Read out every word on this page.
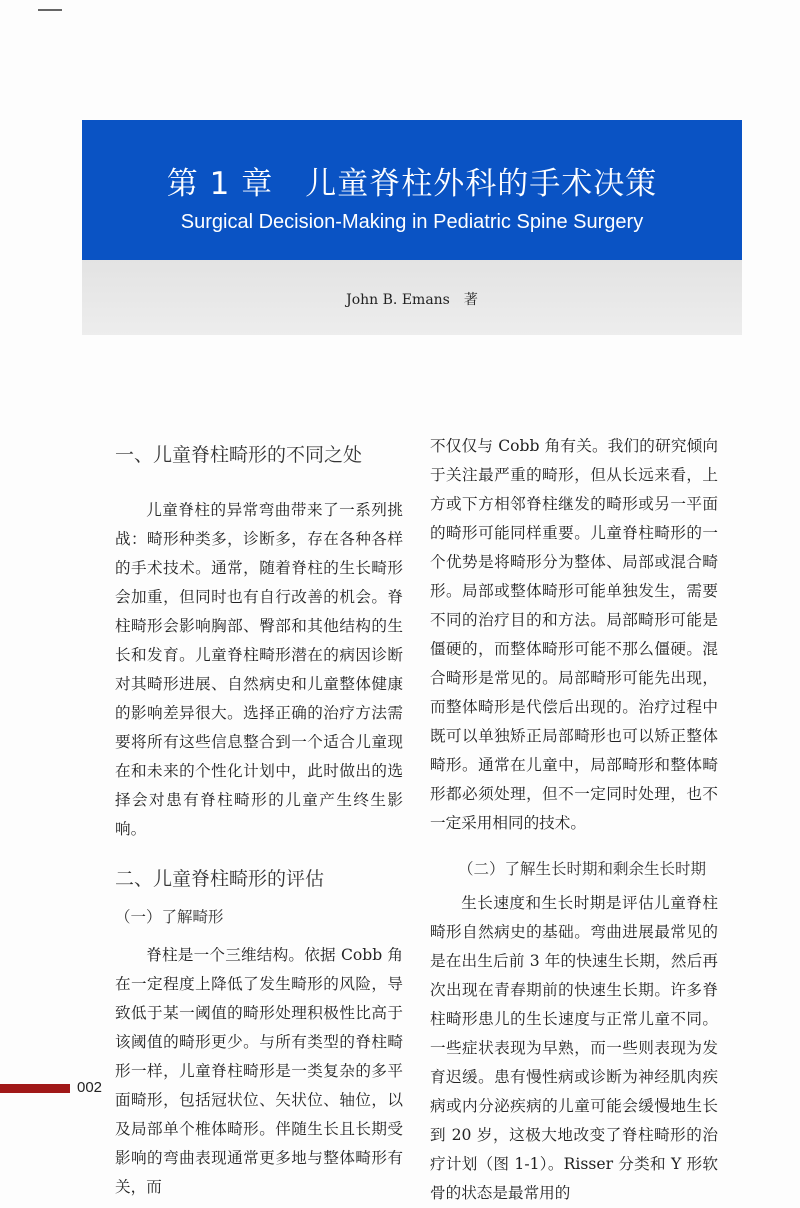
第 1 章　儿童脊柱外科的手术决策
Surgical Decision-Making in Pediatric Spine Surgery
John B. Emans　著
一、儿童脊柱畸形的不同之处

儿童脊柱的异常弯曲带来了一系列挑战：畸形种类多，诊断多，存在各种各样的手术技术。通常，随着脊柱的生长畸形会加重，但同时也有自行改善的机会。脊柱畸形会影响胸部、臀部和其他结构的生长和发育。儿童脊柱畸形潜在的病因诊断对其畸形进展、自然病史和儿童整体健康的影响差异很大。选择正确的治疗方法需要将所有这些信息整合到一个适合儿童现在和未来的个性化计划中，此时做出的选择会对患有脊柱畸形的儿童产生终生影响。

二、儿童脊柱畸形的评估
（一）了解畸形

脊柱是一个三维结构。依据 Cobb 角在一定程度上降低了发生畸形的风险，导致低于某一阈值的畸形处理积极性比高于该阈值的畸形更少。与所有类型的脊柱畸形一样，儿童脊柱畸形是一类复杂的多平面畸形，包括冠状位、矢状位、轴位，以及局部单个椎体畸形。伴随生长且长期受影响的弯曲表现通常更多地与整体畸形有关，而

不仅仅与 Cobb 角有关。我们的研究倾向于关注最严重的畸形，但从长远来看，上方或下方相邻脊柱继发的畸形或另一平面的畸形可能同样重要。儿童脊柱畸形的一个优势是将畸形分为整体、局部或混合畸形。局部或整体畸形可能单独发生，需要不同的治疗目的和方法。局部畸形可能是僵硬的，而整体畸形可能不那么僵硬。混合畸形是常见的。局部畸形可能先出现，而整体畸形是代偿后出现的。治疗过程中既可以单独矫正局部畸形也可以矫正整体畸形。通常在儿童中，局部畸形和整体畸形都必须处理，但不一定同时处理，也不一定采用相同的技术。

（二）了解生长时期和剩余生长时期

生长速度和生长时期是评估儿童脊柱畸形自然病史的基础。弯曲进展最常见的是在出生后前 3 年的快速生长期，然后再次出现在青春期前的快速生长期。许多脊柱畸形患儿的生长速度与正常儿童不同。一些症状表现为早熟，而一些则表现为发育迟缓。患有慢性病或诊断为神经肌肉疾病或内分泌疾病的儿童可能会缓慢地生长到 20 岁，这极大地改变了脊柱畸形的治疗计划（图 1-1）。Risser 分类和 Y 形软骨的状态是最常用的

002
